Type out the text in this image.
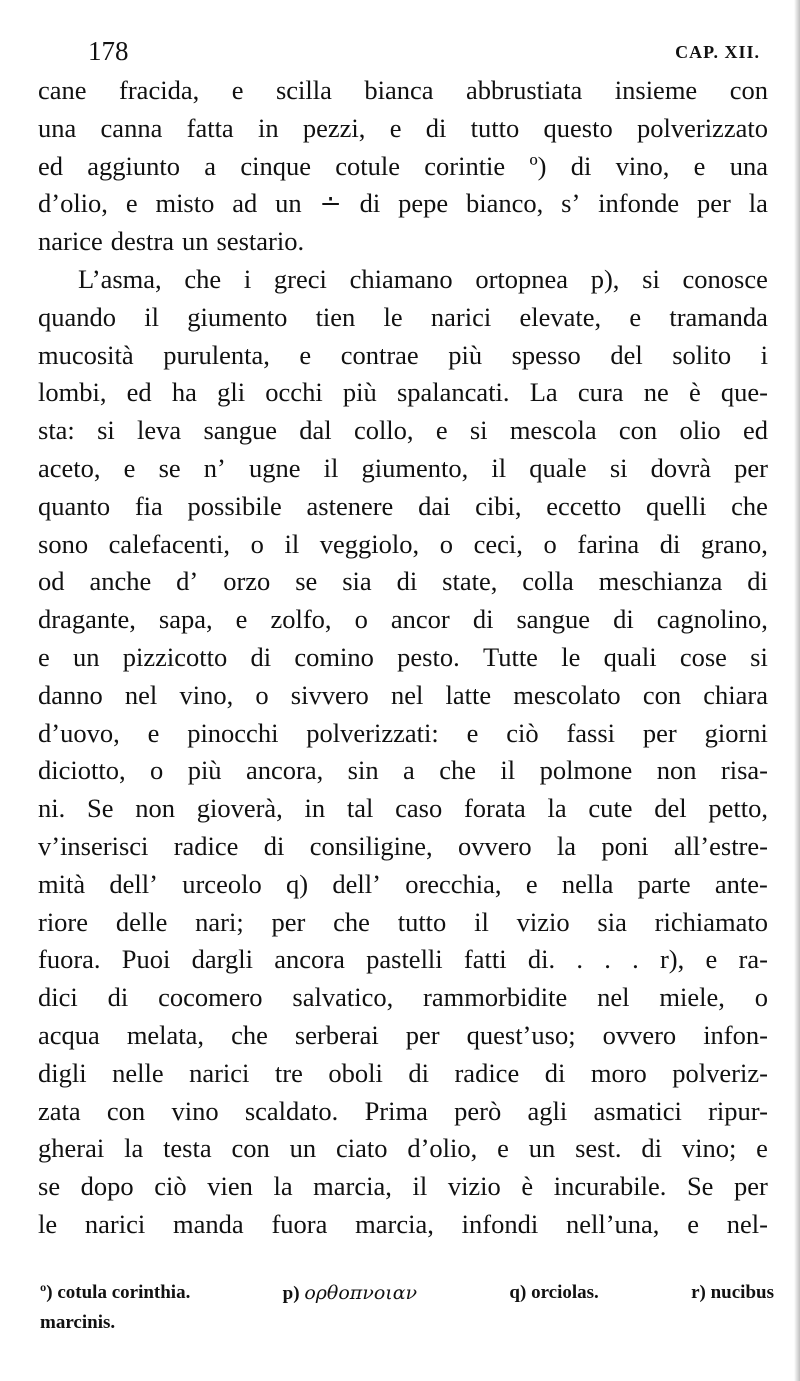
178	CAP. XII.
cane fracida, e scilla bianca abbrustiata insieme con
una canna fatta in pezzi, e di tutto questo polverizzato
ed aggiunto a cinque cotule corintie º) di vino, e una
d’olio, e misto ad un ∸ di pepe bianco, s’ infonde per la
narice destra un sestario.
L’asma, che i greci chiamano ortopnea p), si conosce
quando il giumento tien le narici elevate, e tramanda
mucosità purulenta, e contrae più spesso del solito i
lombi, ed ha gli occhi più spalancati. La cura ne è que-
sta: si leva sangue dal collo, e si mescola con olio ed
aceto, e se n’ ugne il giumento, il quale si dovrà per
quanto fia possibile astenere dai cibi, eccetto quelli che
sono calefacenti, o il veggiolo, o ceci, o farina di grano,
od anche d’ orzo se sia di state, colla meschianza di
dragante, sapa, e zolfo, o ancor di sangue di cagnolino,
e un pizzicotto di comino pesto. Tutte le quali cose si
danno nel vino, o sivvero nel latte mescolato con chiara
d’uovo, e pinocchi polverizzati: e ciò fassi per giorni
diciotto, o più ancora, sin a che il polmone non risa-
ni. Se non gioverà, in tal caso forata la cute del petto,
v’inserisci radice di consiligine, ovvero la poni all’estre-
mità dell’ urceolo q) dell’ orecchia, e nella parte ante-
riore delle nari; per che tutto il vizio sia richiamato
fuora. Puoi dargli ancora pastelli fatti di. . . . r), e ra-
dici di cocomero salvatico, rammorbidite nel miele, o
acqua melata, che serberai per quest’uso; ovvero infon-
digli nelle narici tre oboli di radice di moro polveriz-
zata con vino scaldato. Prima però agli asmatici ripur-
gherai la testa con un ciato d’olio, e un sest. di vino; e
se dopo ciò vien la marcia, il vizio è incurabile. Se per
le narici manda fuora marcia, infondi nell’una, e nel-
º) cotula corinthia.	p) ορθοπνοιαν	q) orciolas.	r) nucibus
marcinis.
